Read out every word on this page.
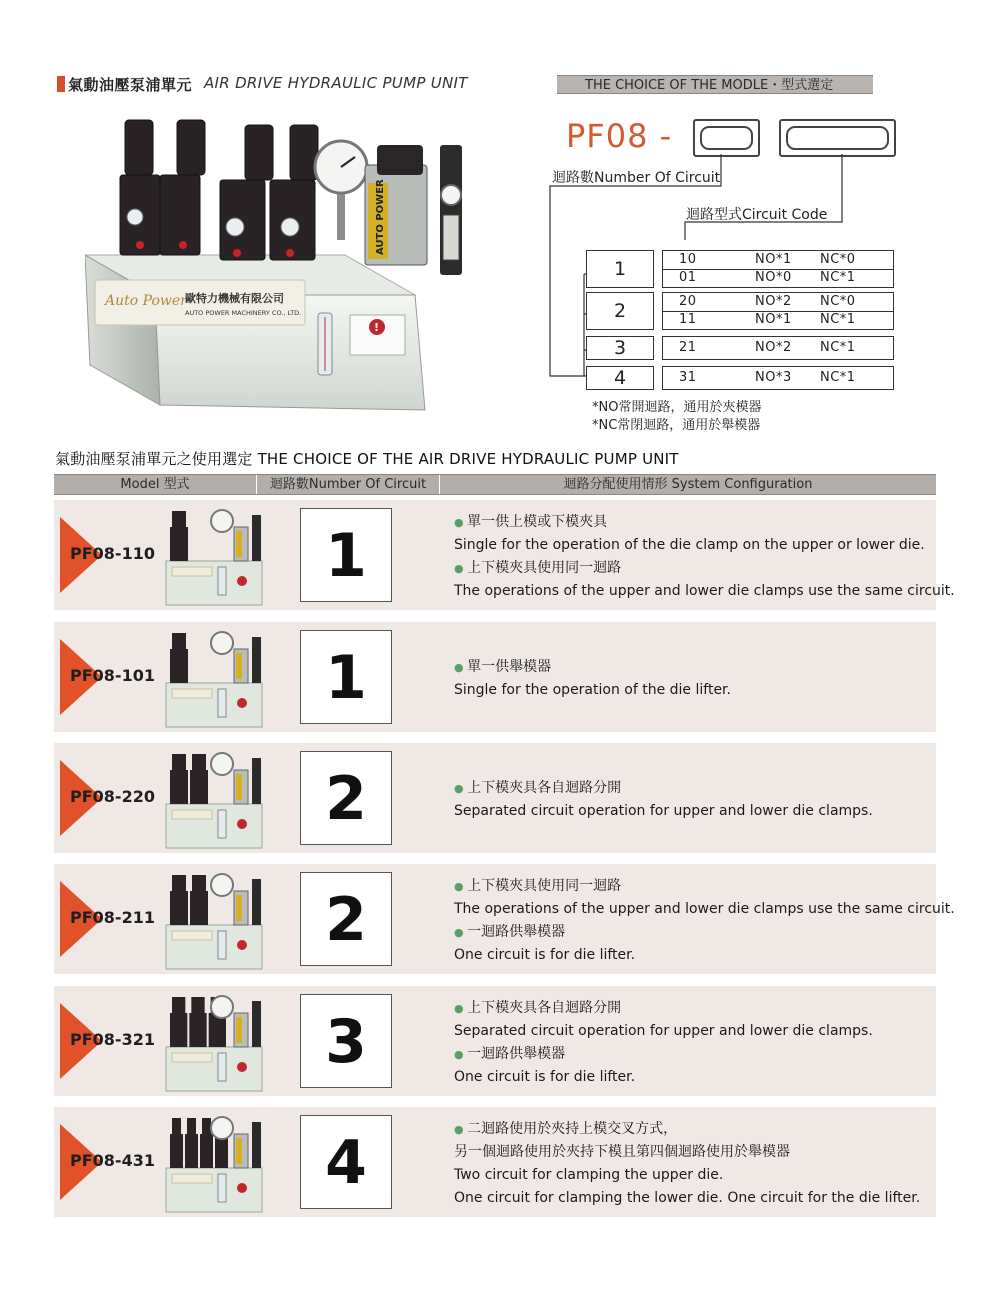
氣動油壓泵浦單元 AIR DRIVE HYDRAULIC PUMP UNIT
Auto Power
歐特力機械有限公司
AUTO POWER MACHINERY CO., LTD.
!
AUTO POWER
THE CHOICE OF THE MODLE・型式選定
PF08 -
迴路數Number Of Circuit
迴路型式Circuit Code
1	10	NO*1 NC*0
01	NO*0 NC*1
2	20	NO*2 NC*0
11	NO*1 NC*1
3	21	NO*2 NC*1
4	31	NO*3 NC*1
*NO常開迴路，通用於夾模器
*NC常閉迴路，通用於舉模器
氣動油壓泵浦單元之使用選定 THE CHOICE OF THE AIR DRIVE HYDRAULIC PUMP UNIT
Model 型式	迴路數Number Of Circuit	迴路分配使用情形 System Configuration
PF08-110	1	● 單一供上模或下模夾具
Single for the operation of the die clamp on the upper or lower die.
● 上下模夾具使用同一迴路
The operations of the upper and lower die clamps use the same circuit.
PF08-101	1	● 單一供舉模器
Single for the operation of the die lifter.
PF08-220	2	● 上下模夾具各自迴路分開
Separated circuit operation for upper and lower die clamps.
PF08-211	2	● 上下模夾具使用同一迴路
The operations of the upper and lower die clamps use the same circuit.
● 一迴路供舉模器
One circuit is for die lifter.
PF08-321	3	● 上下模夾具各自迴路分開
Separated circuit operation for upper and lower die clamps.
● 一迴路供舉模器
One circuit is for die lifter.
PF08-431	4	● 二迴路使用於夾持上模交叉方式，
另一個迴路使用於夾持下模且第四個迴路使用於舉模器
Two circuit for clamping the upper die.
One circuit for clamping the lower die. One circuit for the die lifter.
